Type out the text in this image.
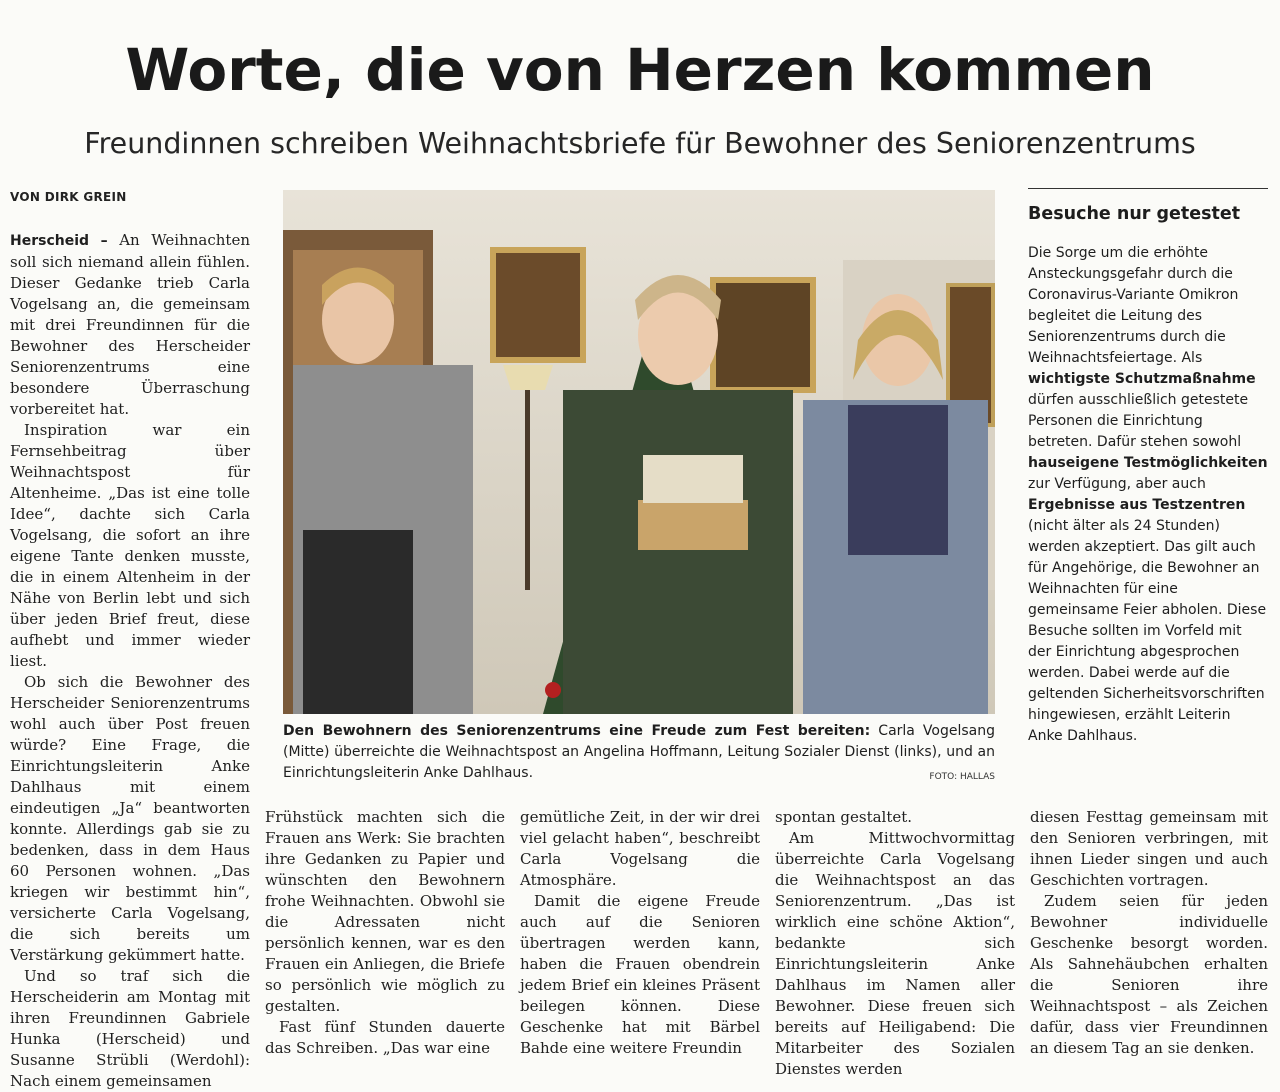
Worte, die von Herzen kommen
Freundinnen schreiben Weihnachtsbriefe für Bewohner des Seniorenzentrums
VON DIRK GREIN

Herscheid – An Weihnachten soll sich niemand allein fühlen. Dieser Gedanke trieb Carla Vogelsang an, die gemeinsam mit drei Freundinnen für die Bewohner des Herscheider Seniorenzentrums eine besondere Überraschung vorbereitet hat.

Inspiration war ein Fernsehbeitrag über Weihnachtspost für Altenheime. „Das ist eine tolle Idee“, dachte sich Carla Vogelsang, die sofort an ihre eigene Tante denken musste, die in einem Altenheim in der Nähe von Berlin lebt und sich über jeden Brief freut, diese aufhebt und immer wieder liest.

Ob sich die Bewohner des Herscheider Seniorenzentrums wohl auch über Post freuen würde? Eine Frage, die Einrichtungsleiterin Anke Dahlhaus mit einem eindeutigen „Ja“ beantworten konnte. Allerdings gab sie zu bedenken, dass in dem Haus 60 Personen wohnen. „Das kriegen wir bestimmt hin“, versicherte Carla Vogelsang, die sich bereits um Verstärkung gekümmert hatte.

Und so traf sich die Herscheiderin am Montag mit ihren Freundinnen Gabriele Hunka (Herscheid) und Susanne Strübli (Werdohl): Nach einem gemeinsamen

Den Bewohnern des Seniorenzentrums eine Freude zum Fest bereiten: Carla Vogelsang (Mitte) überreichte die Weihnachtspost an Angelina Hoffmann, Leitung Sozialer Dienst (links), und an Einrichtungsleiterin Anke Dahlhaus.	FOTO: HALLAS
Besuche nur getestet

Die Sorge um die erhöhte Ansteckungsgefahr durch die Coronavirus-Variante Omikron begleitet die Leitung des Seniorenzentrums durch die Weihnachtsfeiertage. Als wichtigste Schutzmaßnahme dürfen ausschließlich getestete Personen die Einrichtung betreten. Dafür stehen sowohl hauseigene Testmöglichkeiten zur Verfügung, aber auch Ergebnisse aus Testzentren (nicht älter als 24 Stunden) werden akzeptiert. Das gilt auch für Angehörige, die Bewohner an Weihnachten für eine gemeinsame Feier abholen. Diese Besuche sollten im Vorfeld mit der Einrichtung abgesprochen werden. Dabei werde auf die geltenden Sicherheitsvorschriften hingewiesen, erzählt Leiterin Anke Dahlhaus.

Frühstück machten sich die Frauen ans Werk: Sie brachten ihre Gedanken zu Papier und wünschten den Bewohnern frohe Weihnachten. Obwohl sie die Adressaten nicht persönlich kennen, war es den Frauen ein Anliegen, die Briefe so persönlich wie möglich zu gestalten.

Fast fünf Stunden dauerte das Schreiben. „Das war eine

gemütliche Zeit, in der wir drei viel gelacht haben“, beschreibt Carla Vogelsang die Atmosphäre.

Damit die eigene Freude auch auf die Senioren übertragen werden kann, haben die Frauen obendrein jedem Brief ein kleines Präsent beilegen können. Diese Geschenke hat mit Bärbel Bahde eine weitere Freundin

spontan gestaltet.

Am Mittwochvormittag überreichte Carla Vogelsang die Weihnachtspost an das Seniorenzentrum. „Das ist wirklich eine schöne Aktion“, bedankte sich Einrichtungsleiterin Anke Dahlhaus im Namen aller Bewohner. Diese freuen sich bereits auf Heiligabend: Die Mitarbeiter des Sozialen Dienstes werden

diesen Festtag gemeinsam mit den Senioren verbringen, mit ihnen Lieder singen und auch Geschichten vortragen.

Zudem seien für jeden Bewohner individuelle Geschenke besorgt worden. Als Sahnehäubchen erhalten die Senioren ihre Weihnachtspost – als Zeichen dafür, dass vier Freundinnen an diesem Tag an sie denken.
